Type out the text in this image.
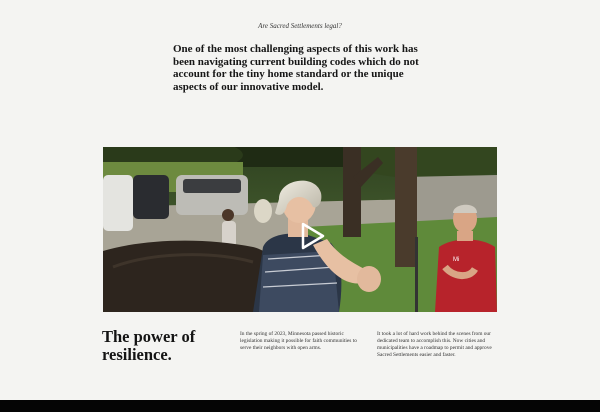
Are Sacred Settlements legal?

One of the most challenging aspects of this work has been navigating current building codes which do not account for the tiny home standard or the unique aspects of our innovative model.

Mi
The power of resilience.

In the spring of 2023, Minnesota passed historic legislation making it possible for faith communities to serve their neighbors with open arms.

It took a lot of hard work behind the scenes from our dedicated team to accomplish this. Now cities and municipalities have a roadmap to permit and approve Sacred Settlements easier and faster.
